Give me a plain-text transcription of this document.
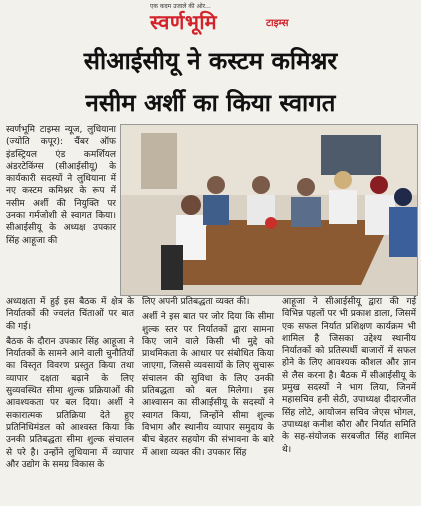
एक कदम उजाले की ओर...
स्वर्णभूमि	टाइम्स
सीआईसीयू ने कस्टम कमिश्नर
नसीम अर्शी का किया स्वागत

स्वर्णभूमि टाइम्स न्यूज, लुधियाना (ज्योति कपूर): चैंबर ऑफ इंडस्ट्रियल एंड कमर्शियल अंडरटेकिंग्स (सीआईसीयू) के कार्यकारी सदस्यों ने लुधियाना में नए कस्टम कमिश्नर के रूप में नसीम अर्शी की नियुक्ति पर उनका गर्मजोशी से स्वागत किया। सीआईसीयू के अध्यक्ष उपकार सिंह आहूजा की

अध्यक्षता में हुई इस बैठक में क्षेत्र के निर्यातकों की ज्वलंत चिंताओं पर बात की गई।

बैठक के दौरान उपकार सिंह आहूजा ने निर्यातकों के सामने आने वाली चुनौतियों का विस्तृत विवरण प्रस्तुत किया तथा व्यापार दक्षता बढ़ाने के लिए सुव्यवस्थित सीमा शुल्क प्रक्रियाओं की आवश्यकता पर बल दिया। अर्शी ने सकारात्मक प्रतिक्रिया देते हुए प्रतिनिधिमंडल को आश्वस्त किया कि उनकी प्रतिबद्धता सीमा शुल्क संचालन से परे है। उन्होंने लुधियाना में व्यापार और उद्योग के समग्र विकास के

लिए अपनी प्रतिबद्धता व्यक्त की।

अर्शी ने इस बात पर जोर दिया कि सीमा शुल्क स्तर पर निर्यातकों द्वारा सामना किए जाने वाले किसी भी मुद्दे को प्राथमिकता के आधार पर संबोधित किया जाएगा, जिससे व्यवसायों के लिए सुचारू संचालन की सुविधा के लिए उनकी प्रतिबद्धता को बल मिलेगा। इस आश्वासन का सीआईसीयू के सदस्यों ने स्वागत किया, जिन्होंने सीमा शुल्क विभाग और स्थानीय व्यापार समुदाय के बीच बेहतर सहयोग की संभावना के बारे में आशा व्यक्त की। उपकार सिंह

आहूजा ने सीआईसीयू द्वारा की गई विभिन्न पहलों पर भी प्रकाश डाला, जिसमें एक सफल निर्यात प्रशिक्षण कार्यक्रम भी शामिल है जिसका उद्देश्य स्थानीय निर्यातकों को प्रतिस्पर्धी बाजारों में सफल होने के लिए आवश्यक कौशल और ज्ञान से लैस करना है। बैठक में सीआईसीयू के प्रमुख सदस्यों ने भाग लिया, जिनमें महासचिव हनी सेठी, उपाध्यक्ष दीदारजीत सिंह लोटे, आयोजन सचिव जेएस भोगल, उपाध्यक्ष कनीश कौरा और निर्यात समिति के सह-संयोजक सरबजीत सिंह शामिल थे।
